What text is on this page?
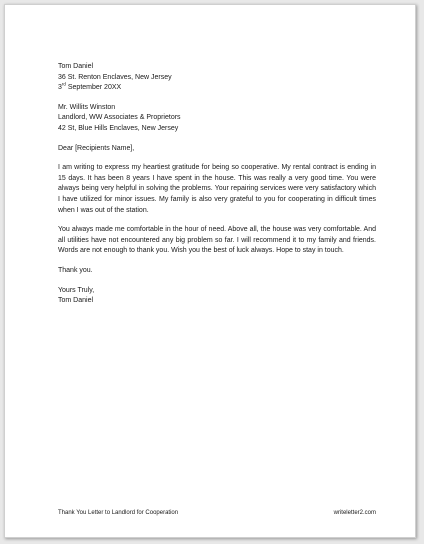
Tom Daniel
36 St. Renton Enclaves, New Jersey
3rd September 20XX
Mr. Willits Winston
Landlord, WW Associates & Proprietors
42 St, Blue Hills Enclaves, New Jersey
Dear [Recipients Name],
I am writing to express my heartiest gratitude for being so cooperative. My rental contract is ending in 15 days. It has been 8 years I have spent in the house. This was really a very good time. You were always being very helpful in solving the problems. Your repairing services were very satisfactory which I have utilized for minor issues. My family is also very grateful to you for cooperating in difficult times when I was out of the station.
You always made me comfortable in the hour of need. Above all, the house was very comfortable. And all utilities have not encountered any big problem so far. I will recommend it to my family and friends. Words are not enough to thank you. Wish you the best of luck always. Hope to stay in touch.
Thank you.
Yours Truly,
Tom Daniel
Thank You Letter to Landlord for Cooperation	writeletter2.com
